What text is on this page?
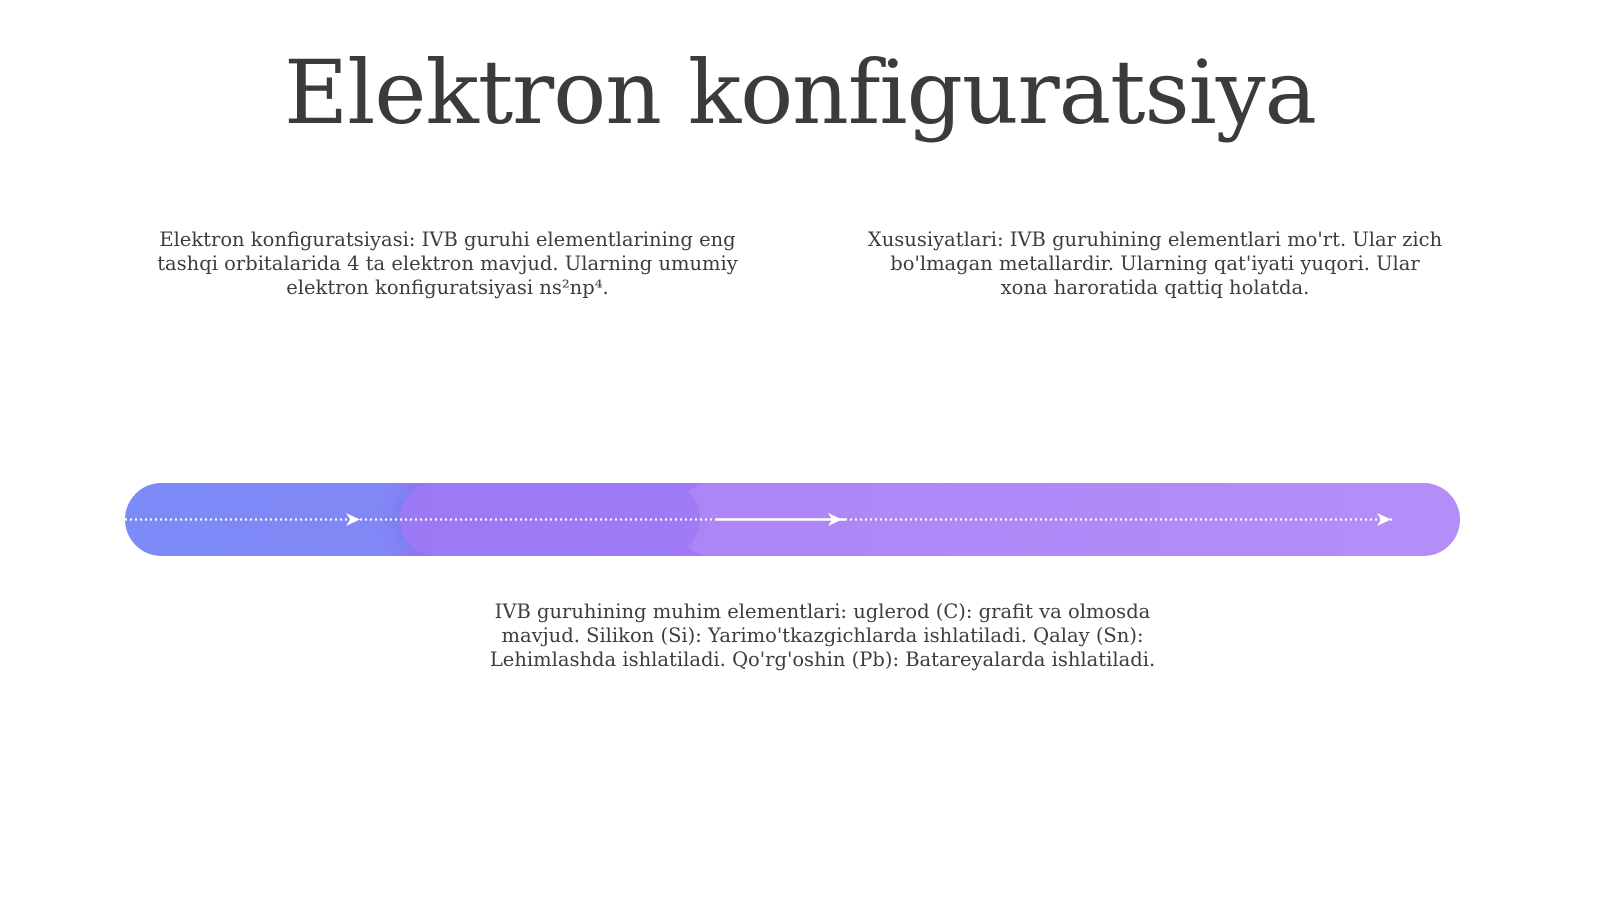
Elektron konfiguratsiya

Elektron konfiguratsiyasi: IVB guruhi elementlarining eng tashqi orbitalarida 4 ta elektron mavjud. Ularning umumiy elektron konfiguratsiyasi ns²np⁴.

Xususiyatlari: IVB guruhining elementlari mo'rt. Ular zich bo'lmagan metallardir. Ularning qat'iyati yuqori. Ular xona haroratida qattiq holatda.

IVB guruhining muhim elementlari: uglerod (C): grafit va olmosda mavjud. Silikon (Si): Yarimo'tkazgichlarda ishlatiladi. Qalay (Sn): Lehimlashda ishlatiladi. Qo'rg'oshin (Pb): Batareyalarda ishlatiladi.
